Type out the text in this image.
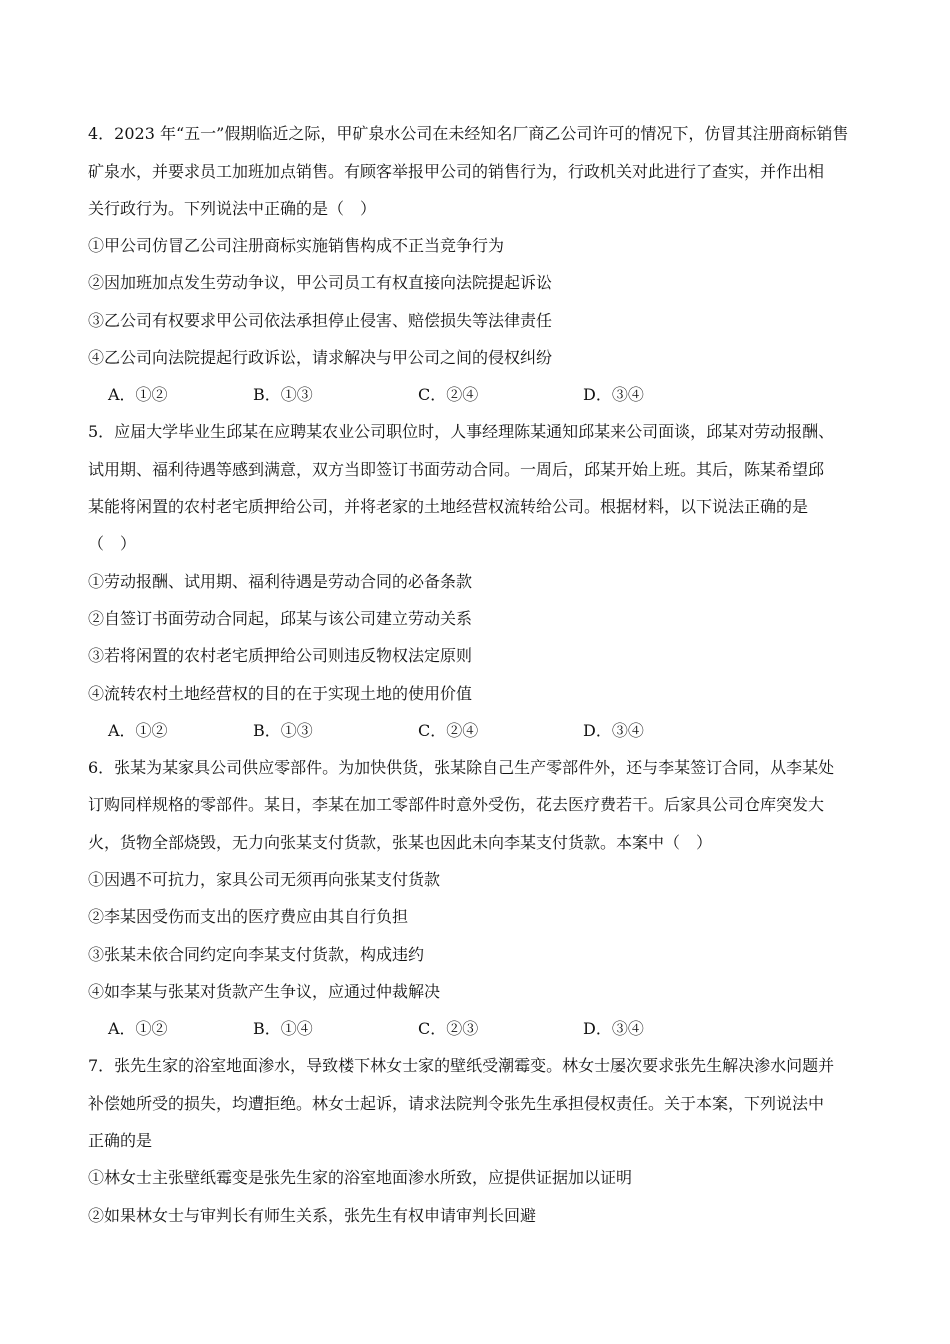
4．2023 年“五一”假期临近之际，甲矿泉水公司在未经知名厂商乙公司许可的情况下，仿冒其注册商标销售
矿泉水，并要求员工加班加点销售。有顾客举报甲公司的销售行为，行政机关对此进行了查实，并作出相
关行政行为。下列说法中正确的是（　）
①甲公司仿冒乙公司注册商标实施销售构成不正当竞争行为
②因加班加点发生劳动争议，甲公司员工有权直接向法院提起诉讼
③乙公司有权要求甲公司依法承担停止侵害、赔偿损失等法律责任
④乙公司向法院提起行政诉讼，请求解决与甲公司之间的侵权纠纷
A．①②	B．①③	C．②④	D．③④
5．应届大学毕业生邱某在应聘某农业公司职位时，人事经理陈某通知邱某来公司面谈，邱某对劳动报酬、
试用期、福利待遇等感到满意，双方当即签订书面劳动合同。一周后，邱某开始上班。其后，陈某希望邱
某能将闲置的农村老宅质押给公司，并将老家的土地经营权流转给公司。根据材料，以下说法正确的是
（　）
①劳动报酬、试用期、福利待遇是劳动合同的必备条款
②自签订书面劳动合同起，邱某与该公司建立劳动关系
③若将闲置的农村老宅质押给公司则违反物权法定原则
④流转农村土地经营权的目的在于实现土地的使用价值
A．①②	B．①③	C．②④	D．③④
6．张某为某家具公司供应零部件。为加快供货，张某除自己生产零部件外，还与李某签订合同，从李某处
订购同样规格的零部件。某日，李某在加工零部件时意外受伤，花去医疗费若干。后家具公司仓库突发大
火，货物全部烧毁，无力向张某支付货款，张某也因此未向李某支付货款。本案中（　）
①因遇不可抗力，家具公司无须再向张某支付货款
②李某因受伤而支出的医疗费应由其自行负担
③张某未依合同约定向李某支付货款，构成违约
④如李某与张某对货款产生争议，应通过仲裁解决
A．①②	B．①④	C．②③	D．③④
7．张先生家的浴室地面渗水，导致楼下林女士家的壁纸受潮霉变。林女士屡次要求张先生解决渗水问题并
补偿她所受的损失，均遭拒绝。林女士起诉，请求法院判令张先生承担侵权责任。关于本案，下列说法中
正确的是
①林女士主张壁纸霉变是张先生家的浴室地面渗水所致，应提供证据加以证明
②如果林女士与审判长有师生关系，张先生有权申请审判长回避
